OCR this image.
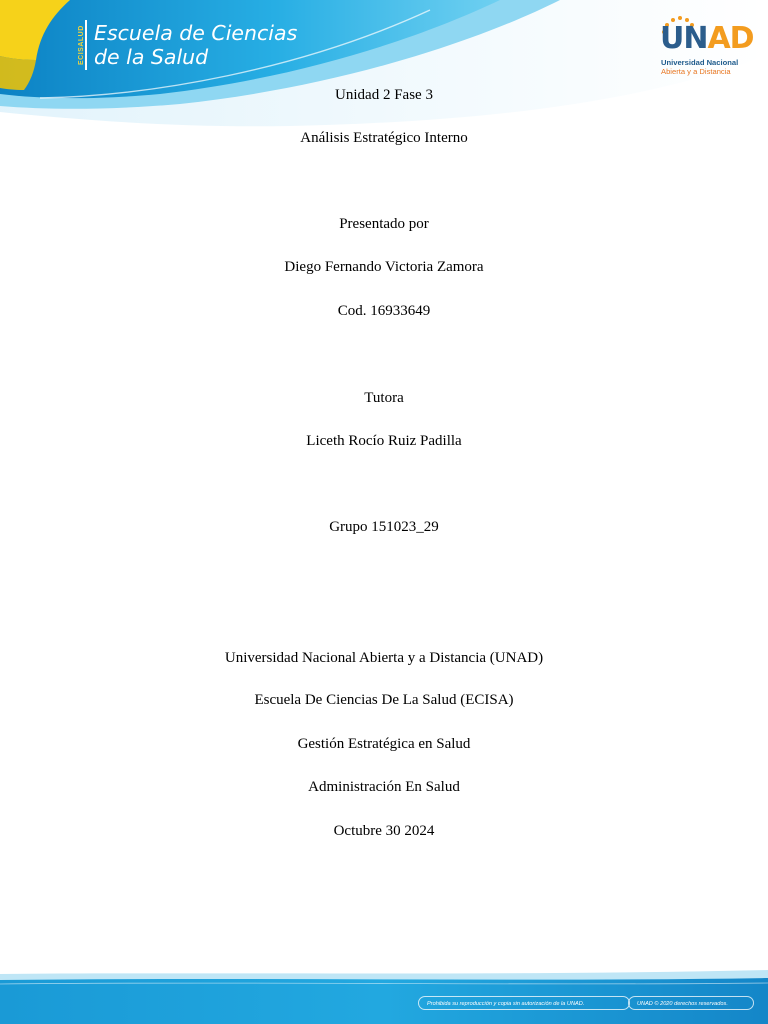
ECISALUD Escuela de Ciencias
de la Salud
UNAD
Universidad Nacional
Abierta y a Distancia
Unidad 2 Fase 3
Análisis Estratégico Interno
Presentado por
Diego Fernando Victoria Zamora
Cod. 16933649
Tutora
Liceth Rocío Ruiz Padilla
Grupo 151023_29
Universidad Nacional Abierta y a Distancia (UNAD)
Escuela De Ciencias De La Salud (ECISA)
Gestión Estratégica en Salud
Administración En Salud
Octubre 30 2024
Prohibida su reproducción y copia sin autorización de la UNAD.	UNAD © 2020 derechos reservados.
